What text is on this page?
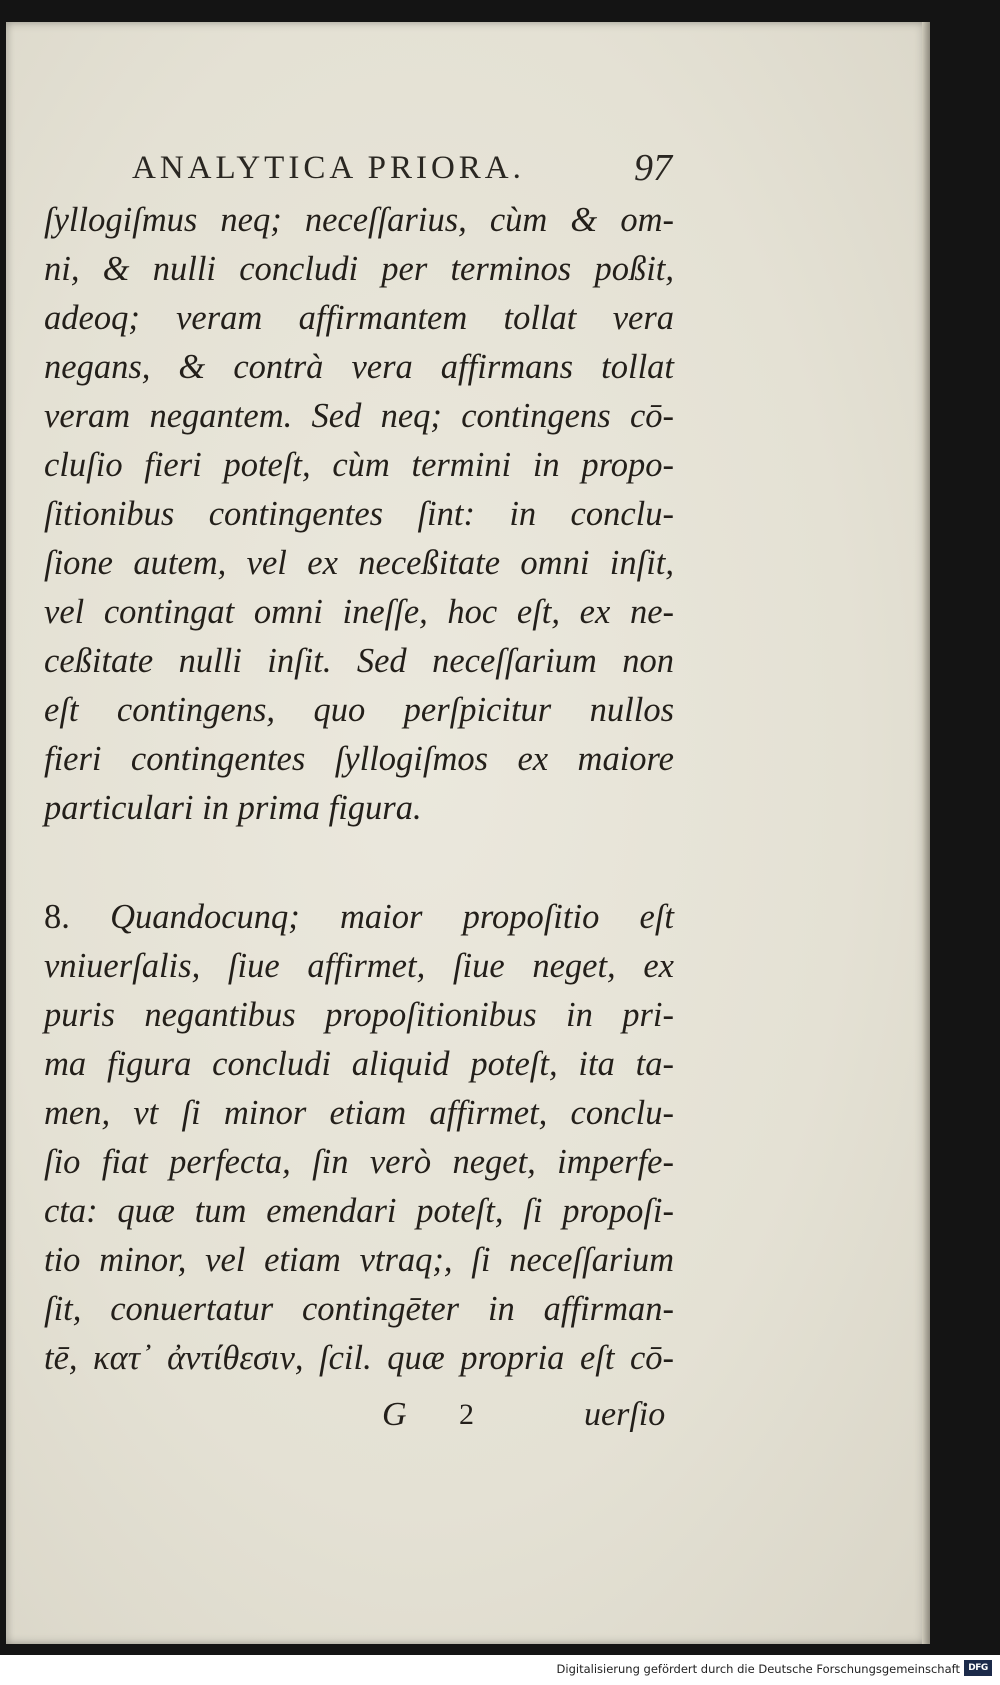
ANALYTICA PRIORA.	97
ſyllogiſmus neq; neceſſarius, cùm & om-
ni, & nulli concludi per terminos poßit,
adeoq; veram affirmantem tollat vera
negans, & contrà vera affirmans tollat
veram negantem. Sed neq; contingens cō-
cluſio fieri poteſt, cùm termini in propo-
ſitionibus contingentes ſint: in conclu-
ſione autem, vel ex neceßitate omni inſit,
vel contingat omni ineſſe, hoc eſt, ex ne-
ceßitate nulli inſit. Sed neceſſarium non
eſt contingens, quo perſpicitur nullos
fieri contingentes ſyllogiſmos ex maiore
particulari in prima figura.
8. Quandocunq; maior propoſitio eſt
vniuerſalis, ſiue affirmet, ſiue neget, ex
puris negantibus propoſitionibus in pri-
ma figura concludi aliquid poteſt, ita ta-
men, vt ſi minor etiam affirmet, conclu-
ſio fiat perfecta, ſin verò neget, imperfe-
cta: quæ tum emendari poteſt, ſi propoſi-
tio minor, vel etiam vtraq;, ſi neceſſarium
ſit, conuertatur contingēter in affirman-
tē, κατ᾽ ἀντίθεσιν, ſcil. quæ propria eſt cō-
G 2	uerſio
Digitalisierung gefördert durch die Deutsche Forschungsgemeinschaft DFG
